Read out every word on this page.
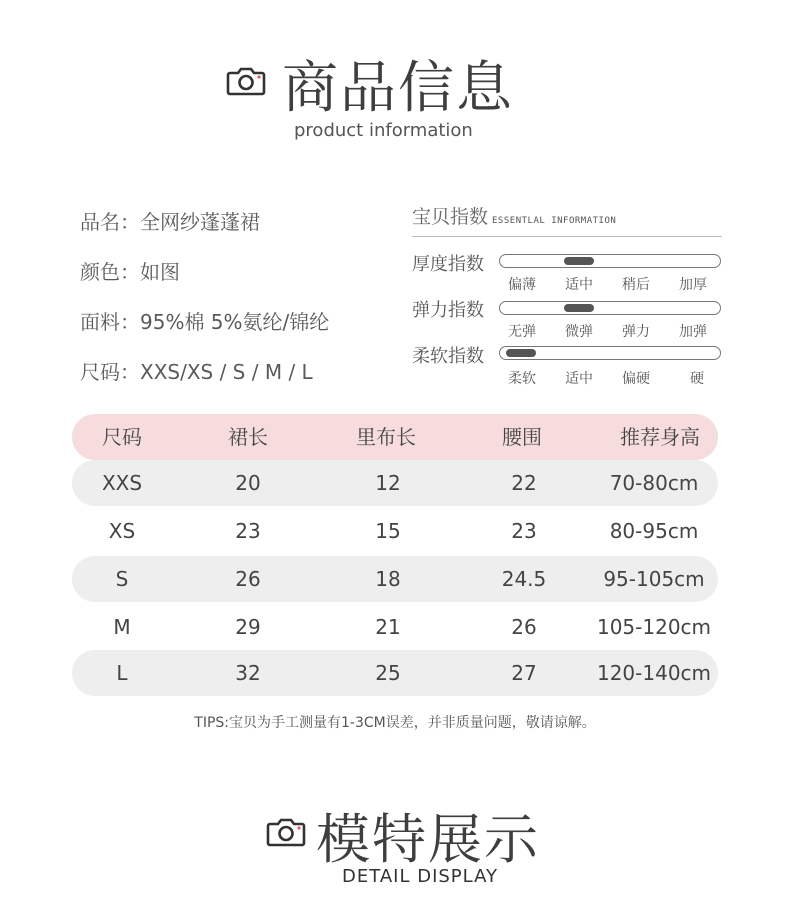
商品信息
product information
品名：全网纱蓬蓬裙
颜色：如图
面料：95%棉 5%氨纶/锦纶
尺码：XXS/XS / S / M / L
宝贝指数 ESSENTLAL INFORMATION
厚度指数
偏薄 适中 稍后 加厚
弹力指数
无弹 微弹 弹力 加弹
柔软指数
柔软 适中 偏硬	硬
尺码	裙长	里布长	腰围	推荐身高
XXS	20	12	22	70-80cm
XS	23	15	23	80-95cm
S	26	18	24.5	95-105cm
M	29	21	26	105-120cm
L	32	25	27	120-140cm
TIPS:宝贝为手工测量有1-3CM误差，并非质量问题，敬请谅解。
模特展示
DETAIL DISPLAY
